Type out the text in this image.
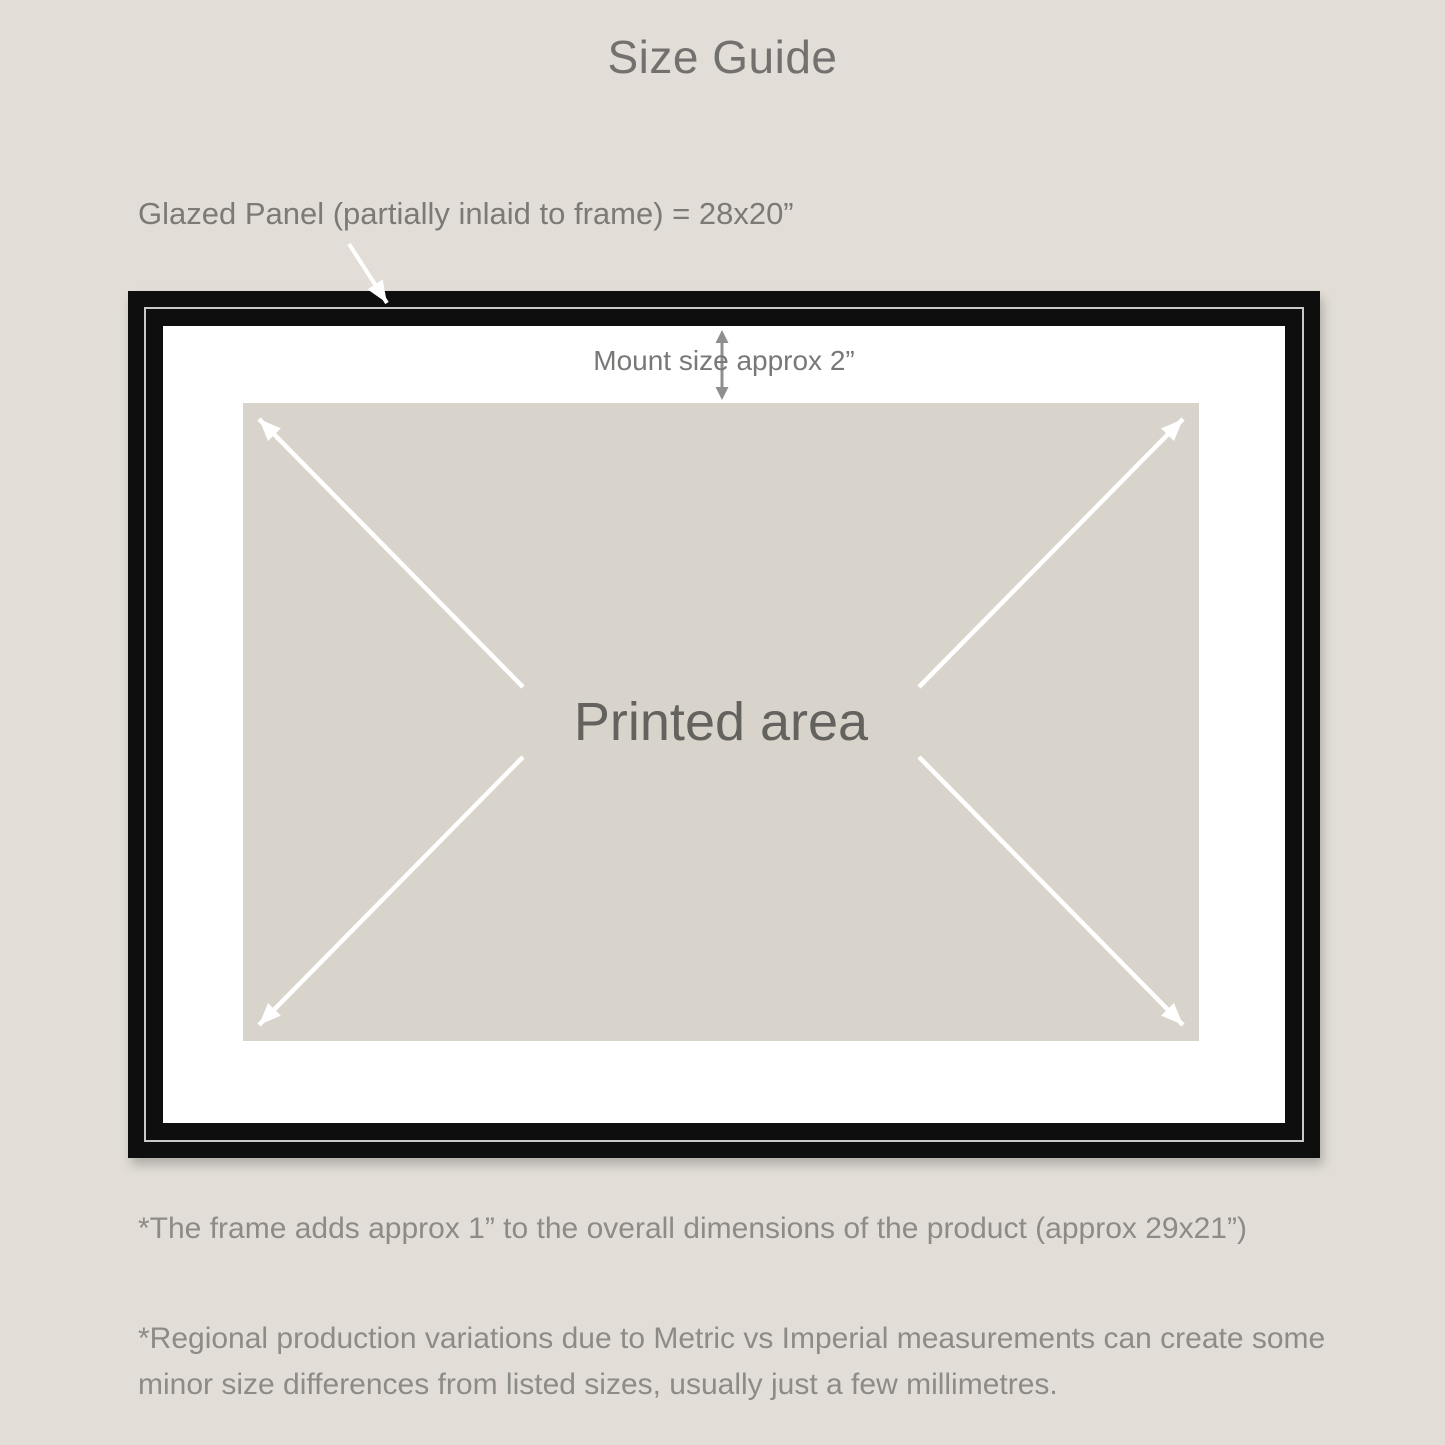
Size Guide
Glazed Panel (partially inlaid to frame) = 28x20”
Mount size approx 2”
Printed area
*The frame adds approx 1” to the overall dimensions of the product (approx 29x21”)
*Regional production variations due to Metric vs Imperial measurements can create some minor size differences from listed sizes, usually just a few millimetres.
